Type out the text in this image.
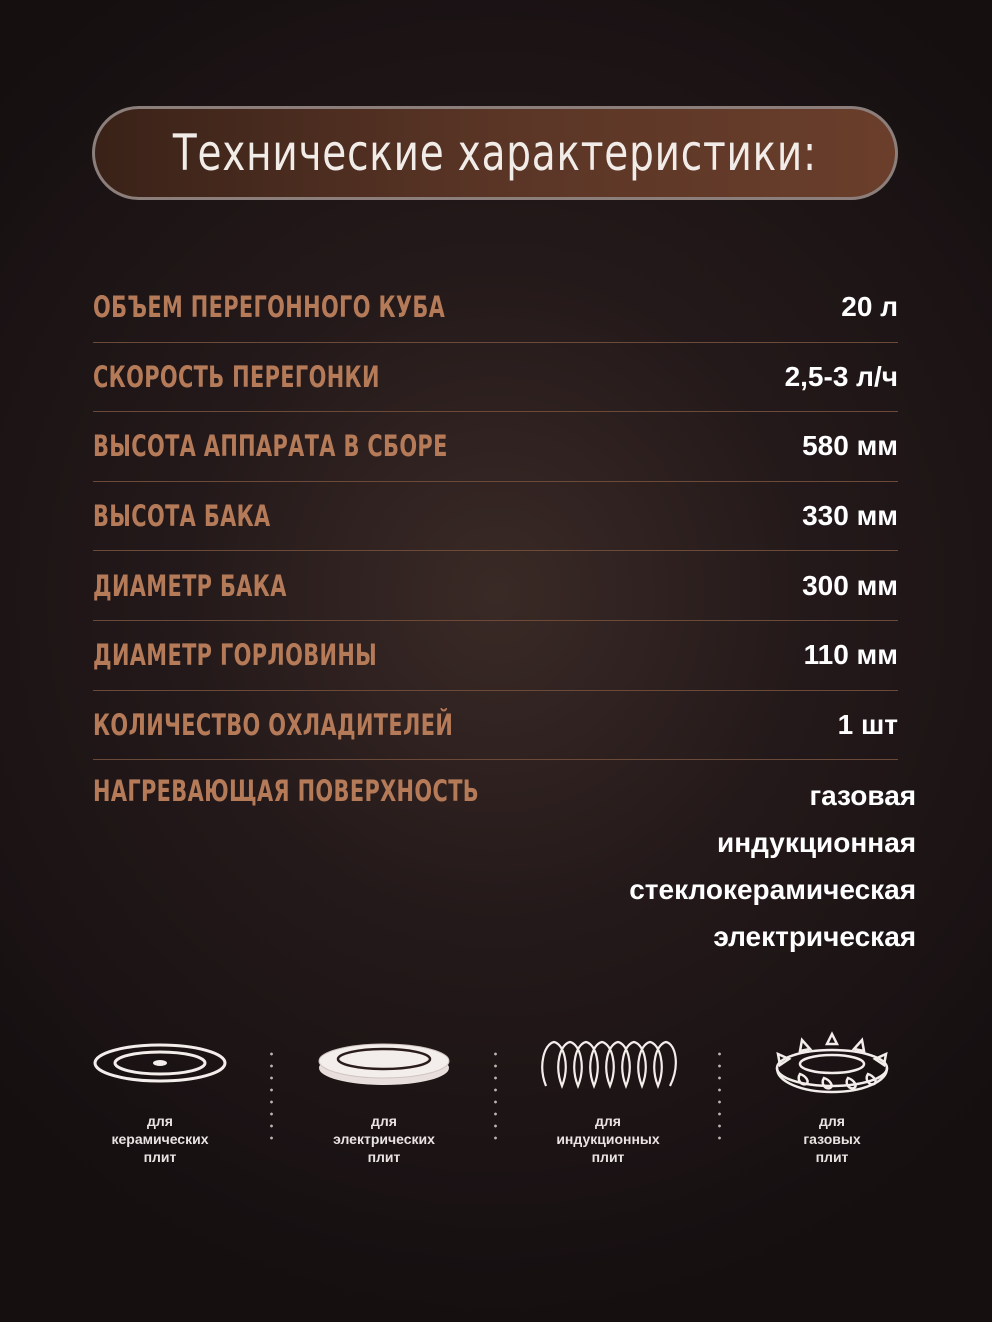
Технические характеристики:
ОБЪЕМ ПЕРЕГОННОГО КУБА	20 л
СКОРОСТЬ ПЕРЕГОНКИ	2,5-3 л/ч
ВЫСОТА АППАРАТА В СБОРЕ	580 мм
ВЫСОТА БАКА	330 мм
ДИАМЕТР БАКА	300 мм
ДИАМЕТР ГОРЛОВИНЫ	110 мм
КОЛИЧЕСТВО ОХЛАДИТЕЛЕЙ	1 шт
НАГРЕВАЮЩАЯ ПОВЕРХНОСТЬ	газовая
индукционная
стеклокерамическая
электрическая
для
керамических
плит
для
электрических
плит
для
индукционных
плит
для
газовых
плит
